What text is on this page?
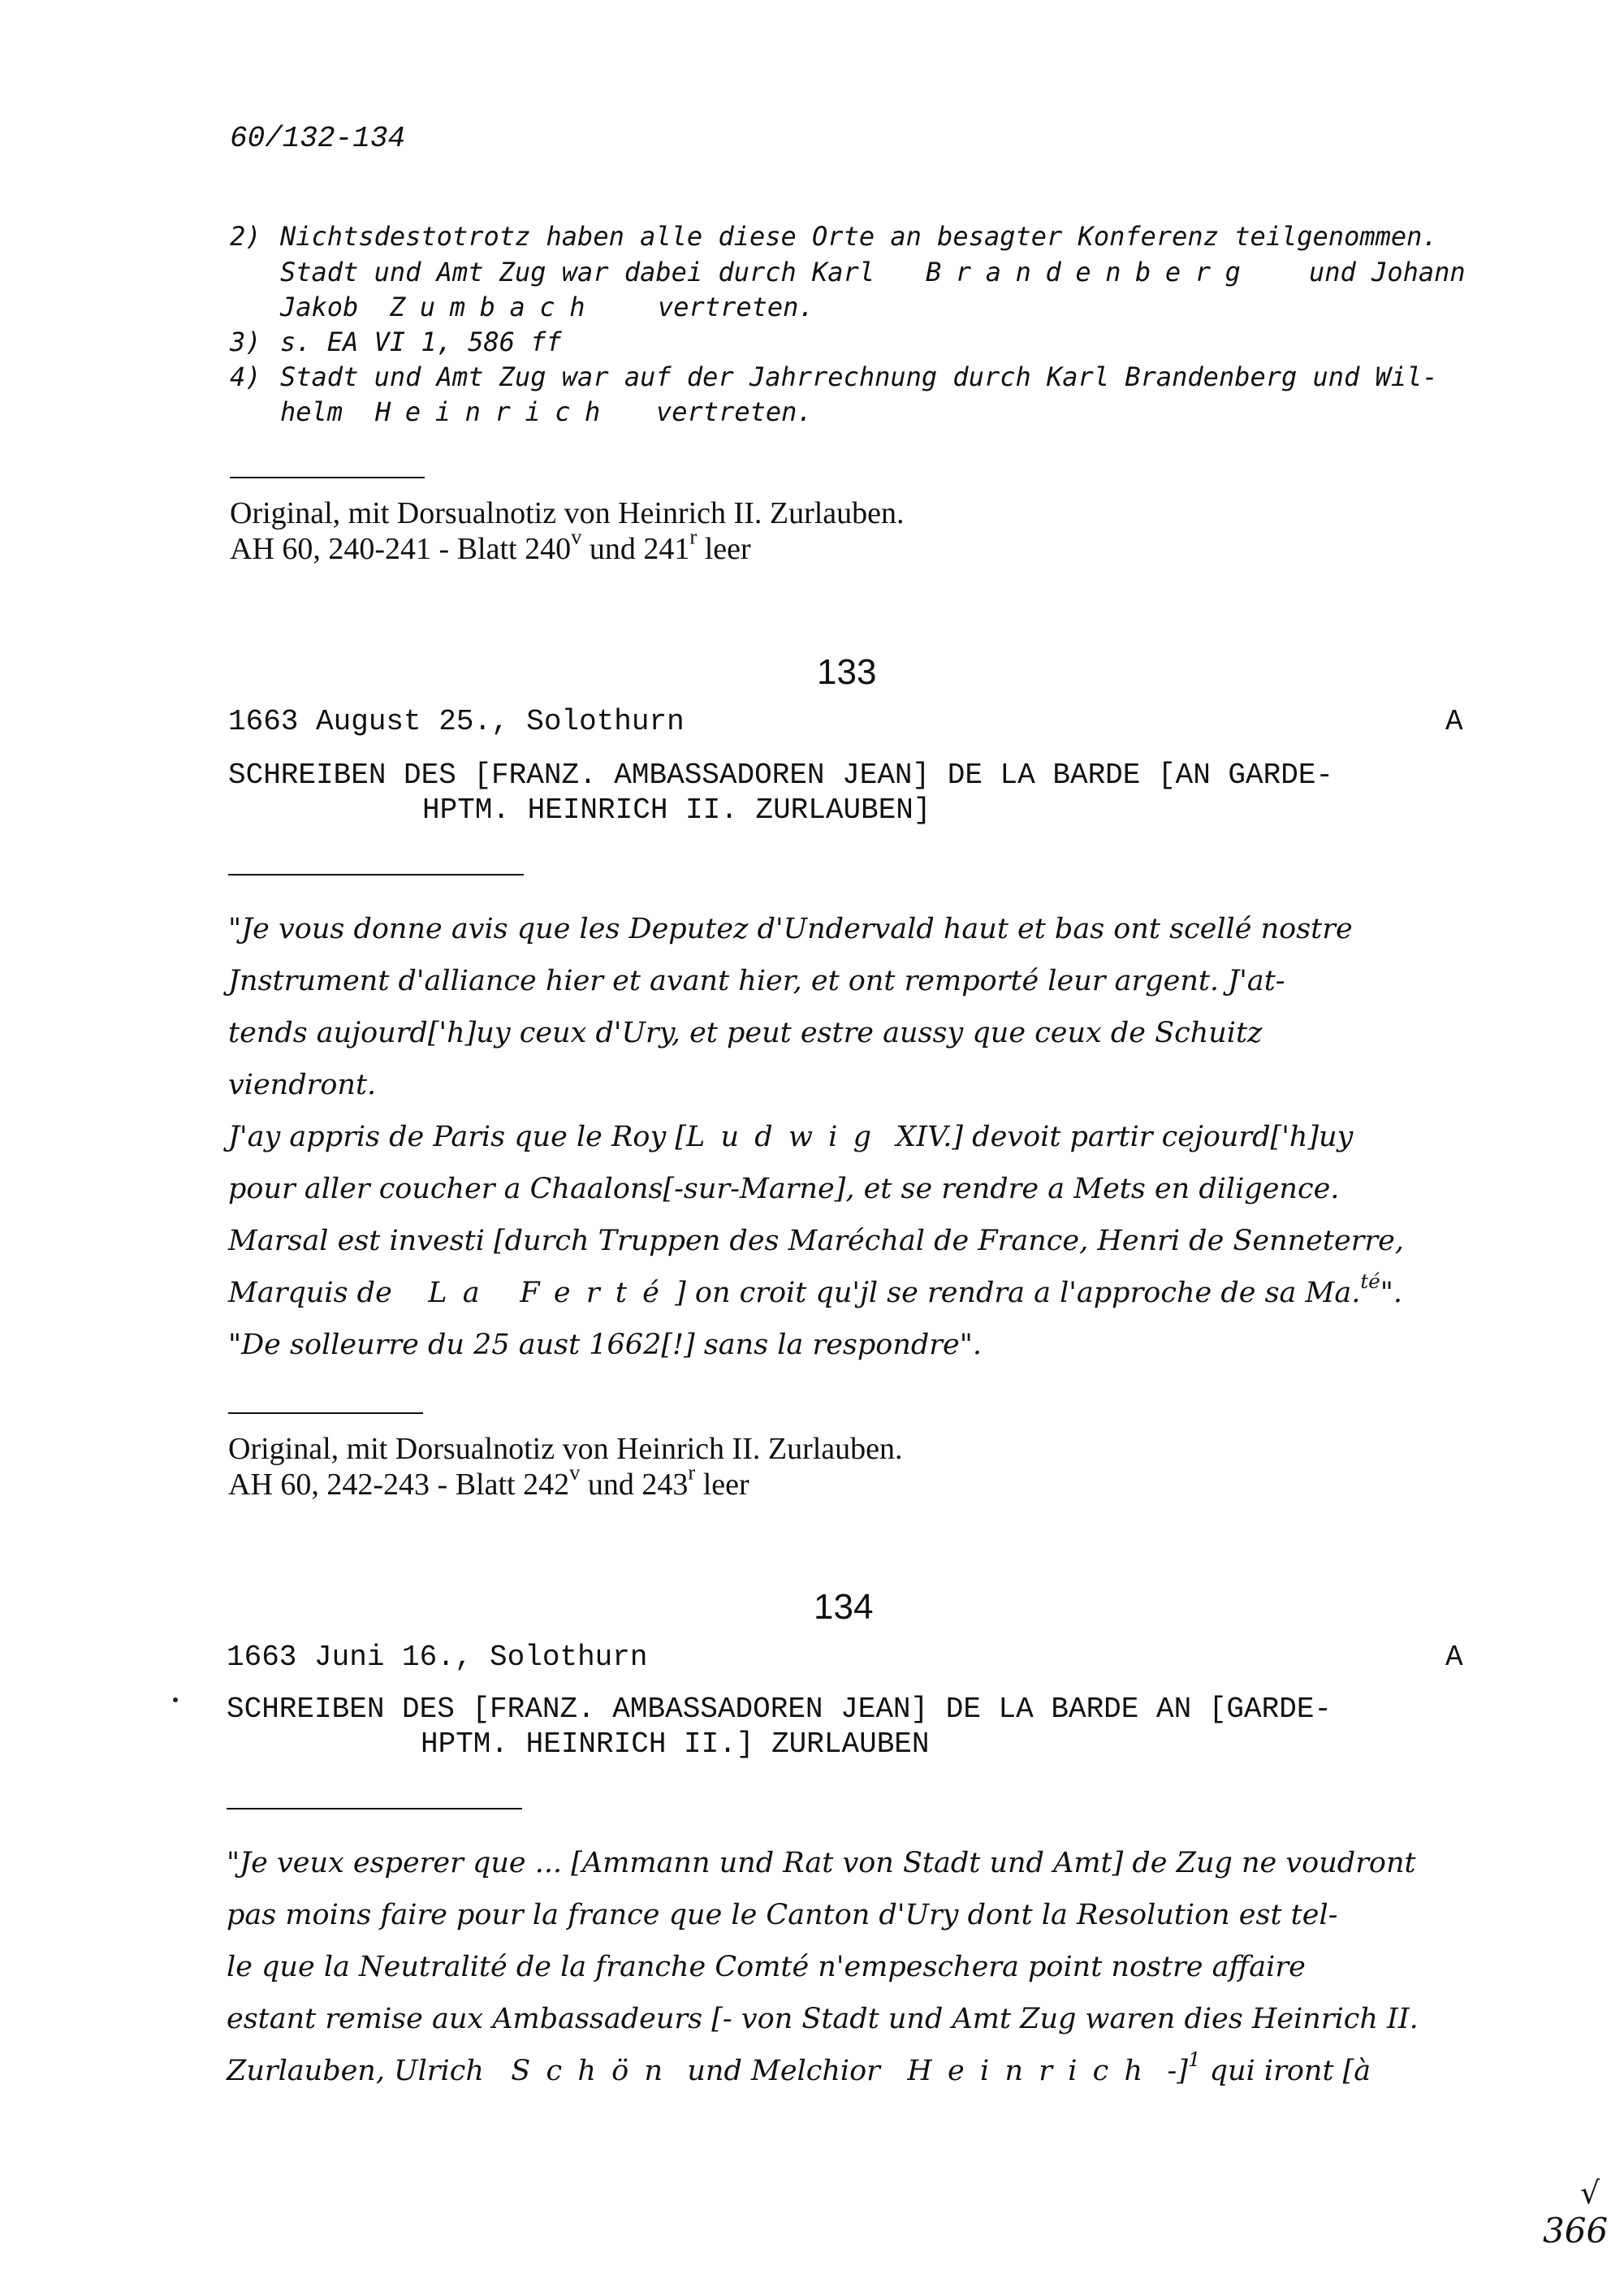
60/132-134
2) Nichtsdestotrotz haben alle diese Orte an besagter Konferenz teilgenommen.
Stadt und Amt Zug war dabei durch Karl Brandenberg und Johann
Jakob Zumbach vertreten.
3) s. EA VI 1, 586 ff
4) Stadt und Amt Zug war auf der Jahrrechnung durch Karl Brandenberg und Wil-
helm Heinrich vertreten.
Original, mit Dorsualnotiz von Heinrich II. Zurlauben.
AH 60, 240-241 - Blatt 240$^v$ und 241$^r$ leer
133
1663 August 25., Solothurn	A
SCHREIBEN DES [FRANZ. AMBASSADOREN JEAN] DE LA BARDE [AN GARDE-
HPTM. HEINRICH II. ZURLAUBEN]
"Je vous donne avis que les Deputez d'Undervald haut et bas ont scellé nostre
Jnstrument d'alliance hier et avant hier, et ont remporté leur argent. J'at-
tends aujourd['h]uy ceux d'Ury, et peut estre aussy que ceux de Schuitz
viendront.
J'ay appris de Paris que le Roy [Ludwig XIV.] devoit partir cejourd['h]uy
pour aller coucher a Chaalons[-sur-Marne], et se rendre a Mets en diligence.
Marsal est investi [durch Truppen des Maréchal de France, Henri de Senneterre,
Marquis de La Ferté] on croit qu'jl se rendra a l'approche de sa Ma.$^{té}$".
"De solleurre du 25 aust 1662[!] sans la respondre".
Original, mit Dorsualnotiz von Heinrich II. Zurlauben.
AH 60, 242-243 - Blatt 242$^v$ und 243$^r$ leer
134
1663 Juni 16., Solothurn	A
SCHREIBEN DES [FRANZ. AMBASSADOREN JEAN] DE LA BARDE AN [GARDE-
HPTM. HEINRICH II.] ZURLAUBEN
"Je veux esperer que ... [Ammann und Rat von Stadt und Amt] de Zug ne voudront
pas moins faire pour la france que le Canton d'Ury dont la Resolution est tel-
le que la Neutralité de la franche Comté n'empeschera point nostre affaire
estant remise aux Ambassadeurs [- von Stadt und Amt Zug waren dies Heinrich II.
Zurlauben, Ulrich Schön und Melchior Heinrich -]$^1$ qui iront [à
√
366
